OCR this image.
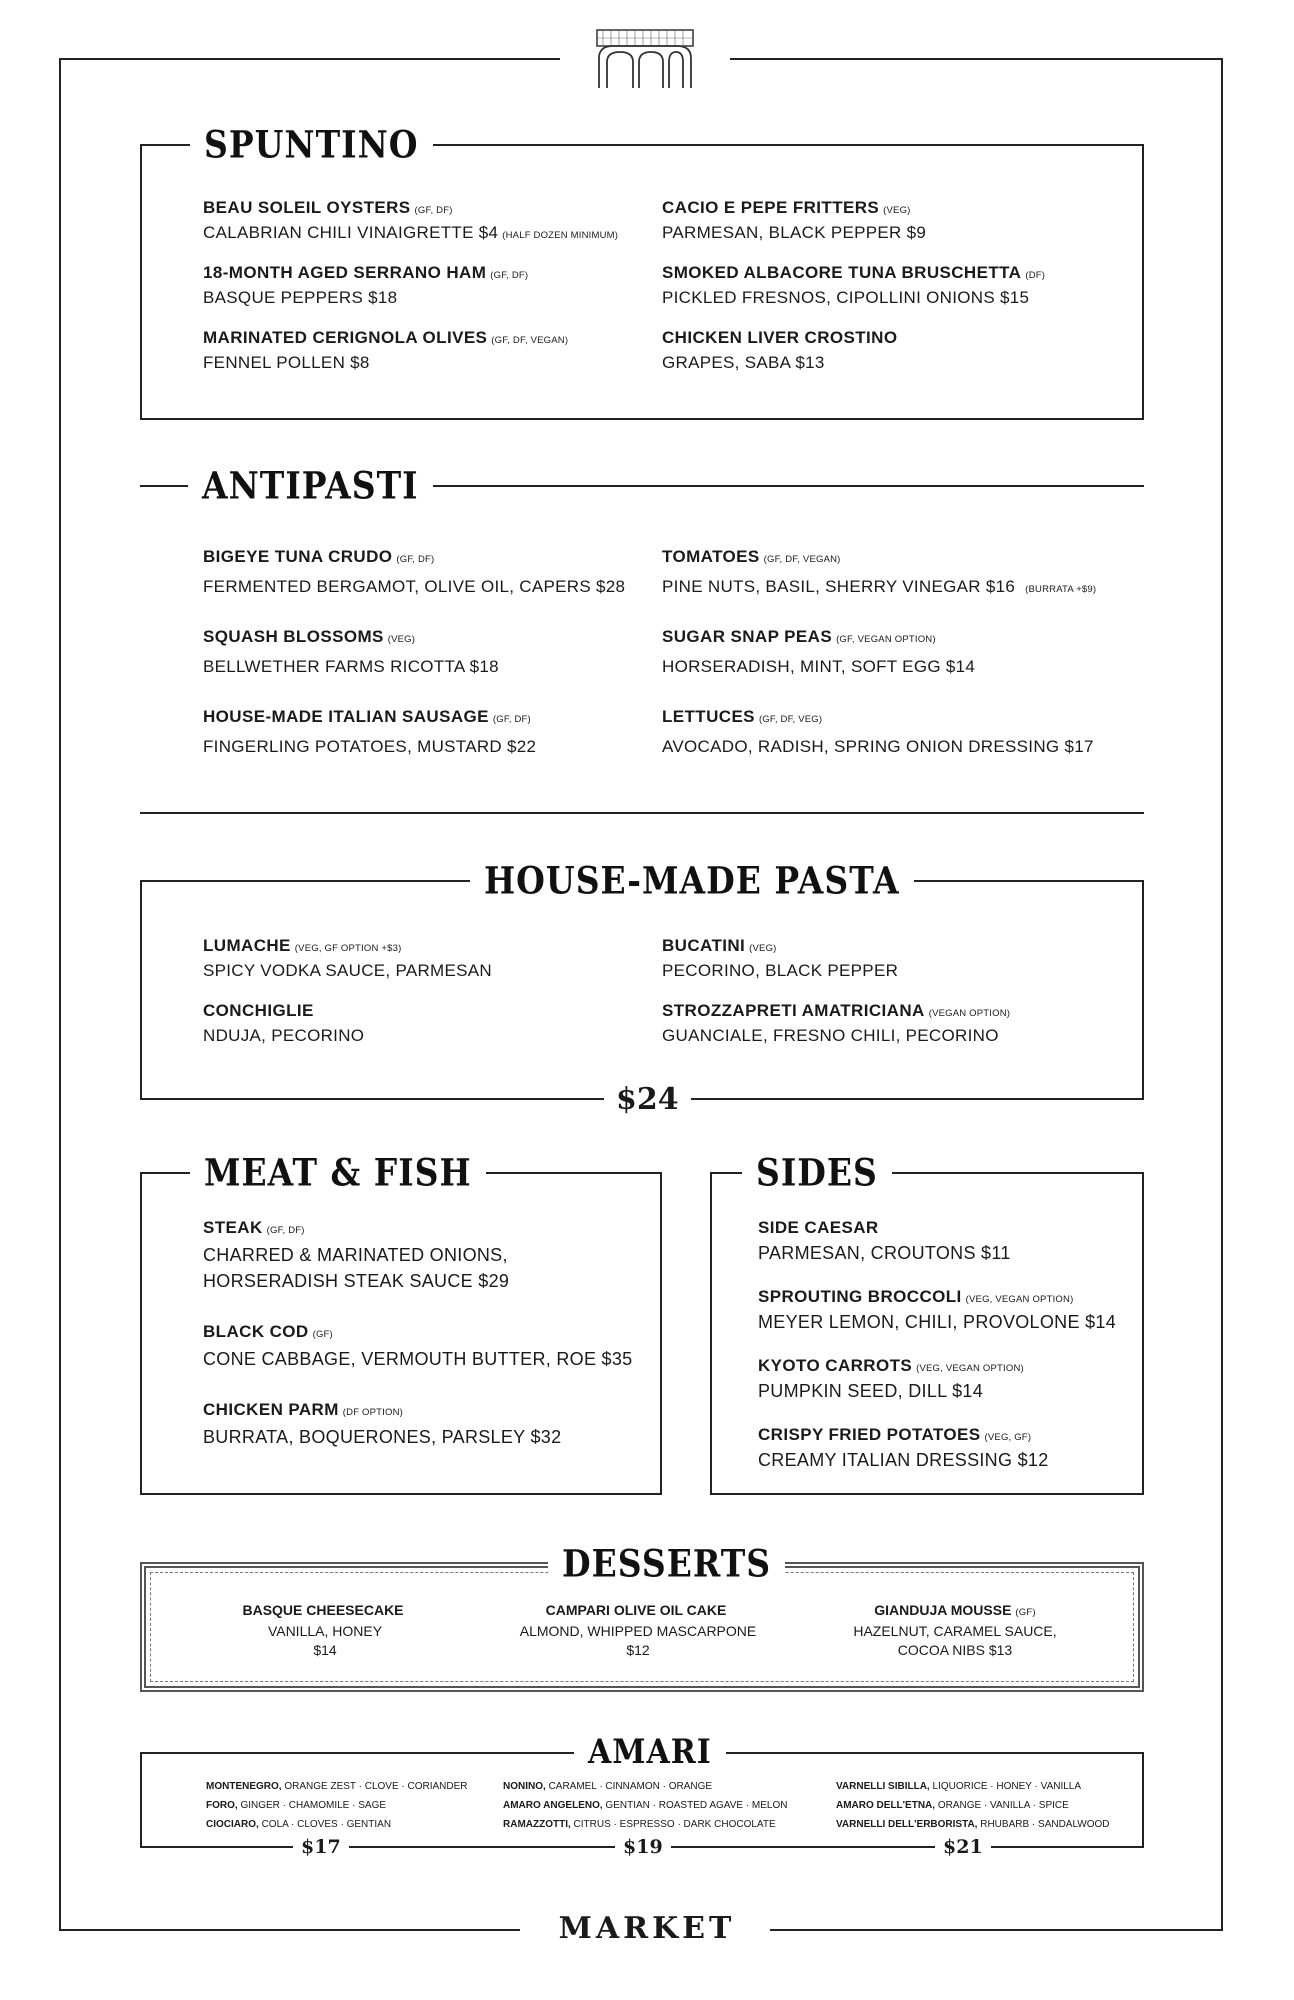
SPUNTINO
BEAU SOLEIL OYSTERS (GF, DF)
CALABRIAN CHILI VINAIGRETTE $4 (HALF DOZEN MINIMUM)
18-MONTH AGED SERRANO HAM (GF, DF)
BASQUE PEPPERS $18
MARINATED CERIGNOLA OLIVES (GF, DF, VEGAN)
FENNEL POLLEN $8
CACIO E PEPE FRITTERS (VEG)
PARMESAN, BLACK PEPPER $9
SMOKED ALBACORE TUNA BRUSCHETTA (DF)
PICKLED FRESNOS, CIPOLLINI ONIONS $15
CHICKEN LIVER CROSTINO
GRAPES, SABA $13
ANTIPASTI
BIGEYE TUNA CRUDO (GF, DF)
FERMENTED BERGAMOT, OLIVE OIL, CAPERS $28
SQUASH BLOSSOMS (VEG)
BELLWETHER FARMS RICOTTA $18
HOUSE-MADE ITALIAN SAUSAGE (GF, DF)
FINGERLING POTATOES, MUSTARD $22
TOMATOES (GF, DF, VEGAN)
PINE NUTS, BASIL, SHERRY VINEGAR $16 (BURRATA +$9)
SUGAR SNAP PEAS (GF, VEGAN OPTION)
HORSERADISH, MINT, SOFT EGG $14
LETTUCES (GF, DF, VEG)
AVOCADO, RADISH, SPRING ONION DRESSING $17
HOUSE-MADE PASTA
$24
LUMACHE (VEG, GF OPTION +$3)
SPICY VODKA SAUCE, PARMESAN
CONCHIGLIE
NDUJA, PECORINO
BUCATINI (VEG)
PECORINO, BLACK PEPPER
STROZZAPRETI AMATRICIANA (VEGAN OPTION)
GUANCIALE, FRESNO CHILI, PECORINO
MEAT & FISH
STEAK (GF, DF)
CHARRED & MARINATED ONIONS,
HORSERADISH STEAK SAUCE $29
BLACK COD (GF)
CONE CABBAGE, VERMOUTH BUTTER, ROE $35
CHICKEN PARM (DF OPTION)
BURRATA, BOQUERONES, PARSLEY $32
SIDES
SIDE CAESAR
PARMESAN, CROUTONS $11
SPROUTING BROCCOLI (VEG, VEGAN OPTION)
MEYER LEMON, CHILI, PROVOLONE $14
KYOTO CARROTS (VEG, VEGAN OPTION)
PUMPKIN SEED, DILL $14
CRISPY FRIED POTATOES (VEG, GF)
CREAMY ITALIAN DRESSING $12
DESSERTS
BASQUE CHEESECAKE
VANILLA, HONEY
$14
CAMPARI OLIVE OIL CAKE
ALMOND, WHIPPED MASCARPONE
$12
GIANDUJA MOUSSE (GF)
HAZELNUT, CARAMEL SAUCE,
COCOA NIBS $13
AMARI
MONTENEGRO, ORANGE ZEST · CLOVE · CORIANDER
FORO, GINGER · CHAMOMILE · SAGE
CIOCIARO, COLA · CLOVES · GENTIAN
NONINO, CARAMEL · CINNAMON · ORANGE
AMARO ANGELENO, GENTIAN · ROASTED AGAVE · MELON
RAMAZZOTTI, CITRUS · ESPRESSO · DARK CHOCOLATE
VARNELLI SIBILLA, LIQUORICE · HONEY · VANILLA
AMARO DELL'ETNA, ORANGE · VANILLA · SPICE
VARNELLI DELL'ERBORISTA, RHUBARB · SANDALWOOD
$17	$19	$21
MARKET
